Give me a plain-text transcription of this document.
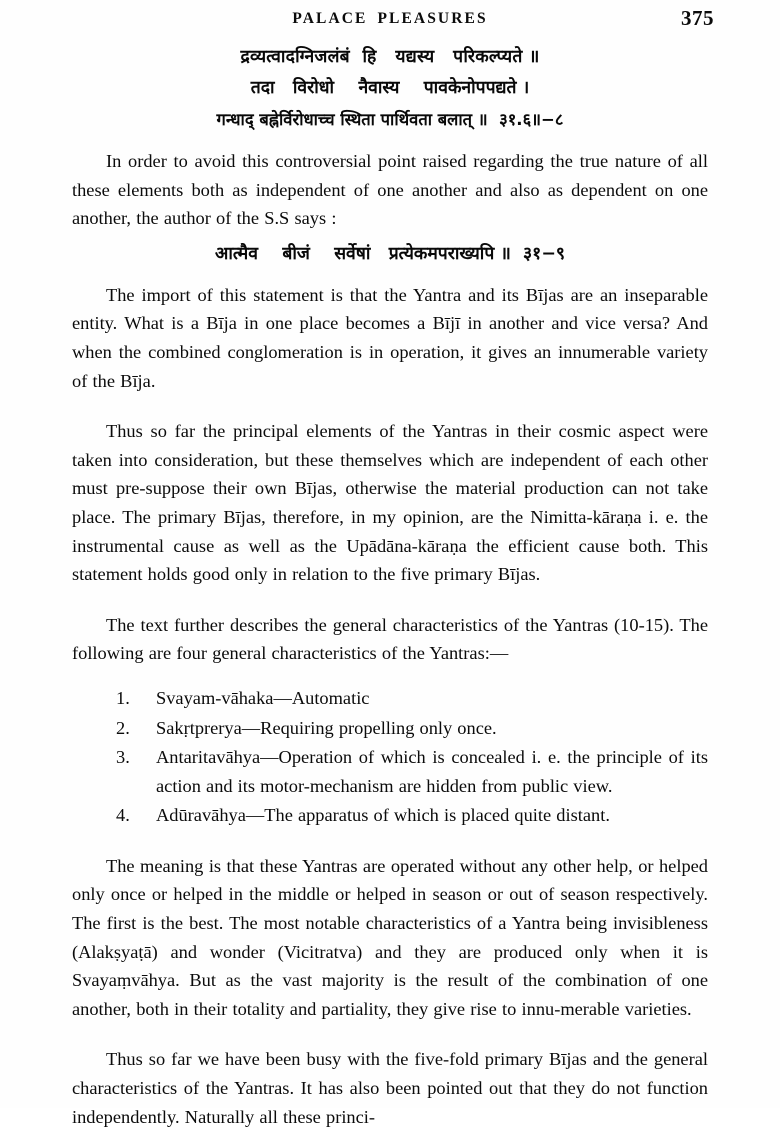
PALACE PLEASURES	375
द्रव्यत्वादग्निजलंबं  हि   यद्यस्य   परिकल्प्यते ॥
तदा   विरोधो    नैवास्य    पावकेनोपपद्यते ।
गन्धाद् बह्नेर्विरोधाच्च स्थिता पार्थिवता बलात् ॥  ३१.६॥−८

In order to avoid this controversial point raised regarding the true nature of all these elements both as independent of one another and also as dependent on one another, the author of the S.S says :

आत्मैव    बीजं    सर्वेषां   प्रत्येकमपराख्यपि ॥  ३१−९

The import of this statement is that the Yantra and its Bījas are an inseparable entity. What is a Bīja in one place becomes a Bījī in another and vice versa? And when the combined conglomeration is in operation, it gives an innumerable variety of the Bīja.

Thus so far the principal elements of the Yantras in their cosmic aspect were taken into consideration, but these themselves which are independent of each other must pre-suppose their own Bījas, otherwise the material production can not take place. The primary Bījas, therefore, in my opinion, are the Nimitta-kāraṇa i. e. the instrumental cause as well as the Upādāna-kāraṇa the efficient cause both. This statement holds good only in relation to the five primary Bījas.

The text further describes the general characteristics of the Yantras (10-15). The following are four general characteristics of the Yantras:—

1.	Svayam-vāhaka—Automatic
2.	Sakṛtprerya—Requiring propelling only once.
3.	Antaritavāhya—Operation of which is concealed i. e. the principle of its action and its motor-mechanism are hidden from public view.
4.	Adūravāhya—The apparatus of which is placed quite distant.

The meaning is that these Yantras are operated without any other help, or helped only once or helped in the middle or helped in season or out of season respectively. The first is the best. The most notable characteristics of a Yantra being invisibleness (Alakṣyaṭā) and wonder (Vicitratva) and they are produced only when it is Svayaṃvāhya. But as the vast majority is the result of the combination of one another, both in their totality and partiality, they give rise to innu-merable varieties.

Thus so far we have been busy with the five-fold primary Bījas and the general characteristics of the Yantras. It has also been pointed out that they do not function independently. Naturally all these princi-
